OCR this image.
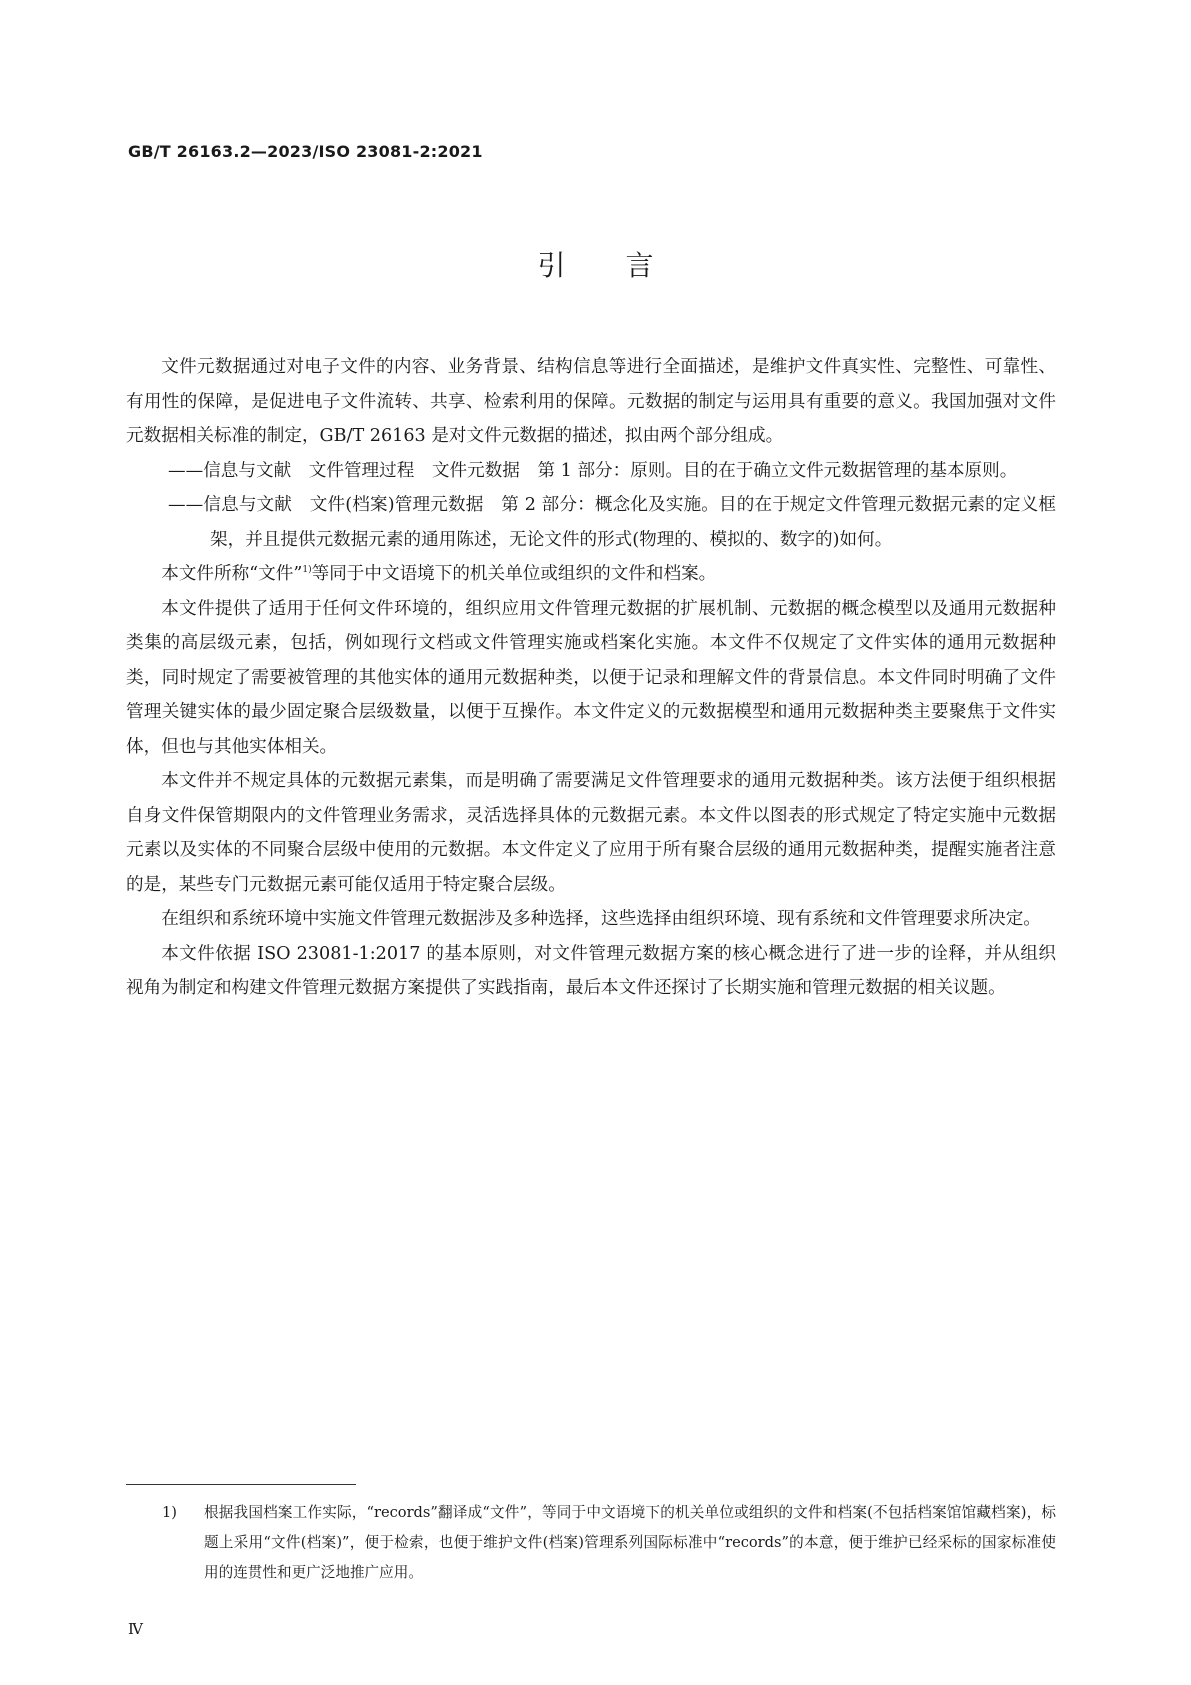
GB/T 26163.2—2023/ISO 23081-2:2021
引言

文件元数据通过对电子文件的内容、业务背景、结构信息等进行全面描述，是维护文件真实性、完整性、可靠性、有用性的保障，是促进电子文件流转、共享、检索利用的保障。元数据的制定与运用具有重要的意义。我国加强对文件元数据相关标准的制定，GB/T 26163 是对文件元数据的描述，拟由两个部分组成。

——信息与文献　文件管理过程　文件元数据　第 1 部分：原则。目的在于确立文件元数据管理的基本原则。

——信息与文献　文件(档案)管理元数据　第 2 部分：概念化及实施。目的在于规定文件管理元数据元素的定义框架，并且提供元数据元素的通用陈述，无论文件的形式(物理的、模拟的、数字的)如何。

本文件所称“文件”$^{1)}$等同于中文语境下的机关单位或组织的文件和档案。

本文件提供了适用于任何文件环境的，组织应用文件管理元数据的扩展机制、元数据的概念模型以及通用元数据种类集的高层级元素，包括，例如现行文档或文件管理实施或档案化实施。本文件不仅规定了文件实体的通用元数据种类，同时规定了需要被管理的其他实体的通用元数据种类，以便于记录和理解文件的背景信息。本文件同时明确了文件管理关键实体的最少固定聚合层级数量，以便于互操作。本文件定义的元数据模型和通用元数据种类主要聚焦于文件实体，但也与其他实体相关。

本文件并不规定具体的元数据元素集，而是明确了需要满足文件管理要求的通用元数据种类。该方法便于组织根据自身文件保管期限内的文件管理业务需求，灵活选择具体的元数据元素。本文件以图表的形式规定了特定实施中元数据元素以及实体的不同聚合层级中使用的元数据。本文件定义了应用于所有聚合层级的通用元数据种类，提醒实施者注意的是，某些专门元数据元素可能仅适用于特定聚合层级。

在组织和系统环境中实施文件管理元数据涉及多种选择，这些选择由组织环境、现有系统和文件管理要求所决定。

本文件依据 ISO 23081-1:2017 的基本原则，对文件管理元数据方案的核心概念进行了进一步的诠释，并从组织视角为制定和构建文件管理元数据方案提供了实践指南，最后本文件还探讨了长期实施和管理元数据的相关议题。

1) 根据我国档案工作实际，“records”翻译成“文件”，等同于中文语境下的机关单位或组织的文件和档案(不包括档案馆馆藏档案)，标题上采用“文件(档案)”，便于检索，也便于维护文件(档案)管理系列国际标准中“records”的本意，便于维护已经采标的国家标准使用的连贯性和更广泛地推广应用。
Ⅳ
